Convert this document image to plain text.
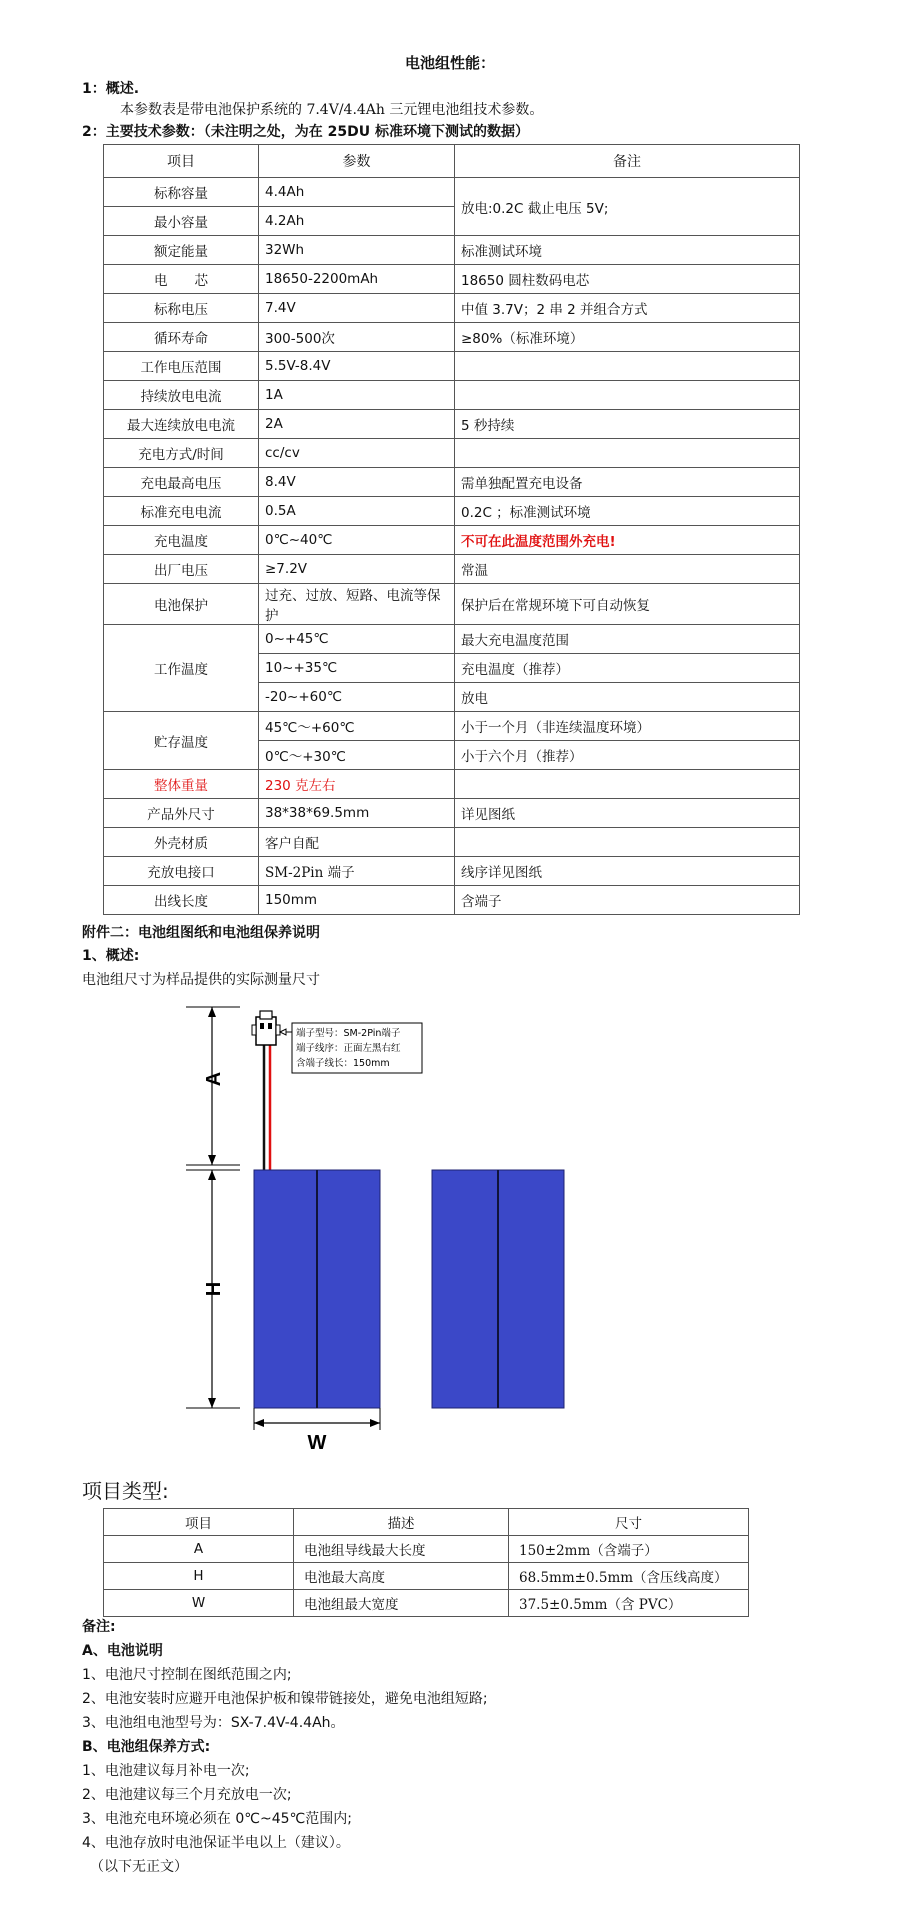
电池组性能：
1：概述.
本参数表是带电池保护系统的 7.4V/4.4Ah 三元锂电池组技术参数。
2：主要技术参数：（未注明之处，为在 25DU 标准环境下测试的数据）
项目	参数	备注
标称容量	4.4Ah	放电:0.2C 截止电压 5V;
最小容量	4.2Ah	
额定能量	32Wh	标准测试环境
电　　芯	18650-2200mAh	18650 圆柱数码电芯
标称电压	7.4V	中值 3.7V；2 串 2 并组合方式
循环寿命	300-500次	≥80%（标准环境）
工作电压范围	5.5V-8.4V	
持续放电电流	1A	
最大连续放电电流	2A	5 秒持续
充电方式/时间	cc/cv	
充电最高电压	8.4V	需单独配置充电设备
标准充电电流	0.5A	0.2C ；标准测试环境
充电温度	0℃~40℃	不可在此温度范围外充电!
出厂电压	≥7.2V	常温
电池保护	过充、过放、短路、电流等保护	保护后在常规环境下可自动恢复
工作温度	0~+45℃	最大充电温度范围
	10~+35℃	充电温度（推荐）
	-20~+60℃	放电
贮存温度	45℃～+60℃	小于一个月（非连续温度环境）
	0℃～+30℃	小于六个月（推荐）
整体重量	230 克左右	
产品外尺寸	38*38*69.5mm	详见图纸
外壳材质	客户自配	
充放电接口	SM-2Pin 端子	线序详见图纸
出线长度	150mm	含端子
附件二：电池组图纸和电池组保养说明
1、概述:
电池组尺寸为样品提供的实际测量尺寸
A
H
端子型号：SM-2Pin端子
端子线序：正面左黑右红
含端子线长：150mm
W
项目类型:
项目	描述	尺寸
A	电池组导线最大长度	150±2mm（含端子）
H	电池最大高度	68.5mm±0.5mm（含压线高度）
W	电池组最大宽度	37.5±0.5mm（含 PVC）
备注:
A、电池说明
1、电池尺寸控制在图纸范围之内;
2、电池安装时应避开电池保护板和镍带链接处，避免电池组短路;
3、电池组电池型号为：SX-7.4V-4.4Ah。
B、电池组保养方式:
1、电池建议每月补电一次;
2、电池建议每三个月充放电一次;
3、电池充电环境必须在 0℃~45℃范围内;
4、电池存放时电池保证半电以上（建议）。
（以下无正文）
